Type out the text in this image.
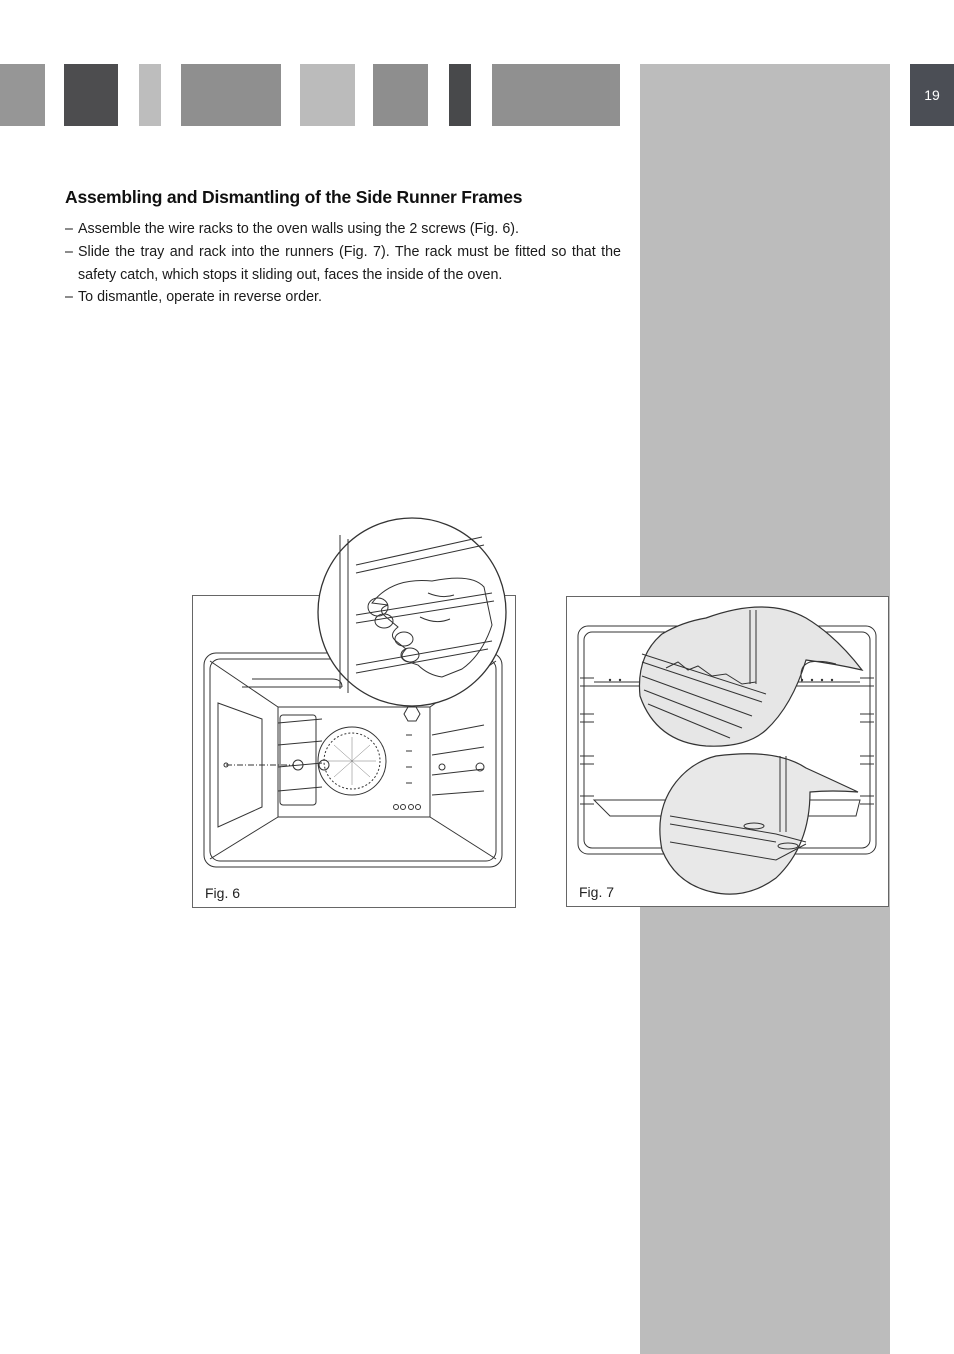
19
Assembling and Dismantling of the Side Runner Frames
– Assemble the wire racks to the oven walls using the 2 screws (Fig. 6).
– Slide the tray and rack into the runners (Fig. 7). The rack must be fitted so that the safety catch, which stops it sliding out, faces the inside of the oven.
– To dismantle, operate in reverse order.
Fig. 6	Fig. 7
